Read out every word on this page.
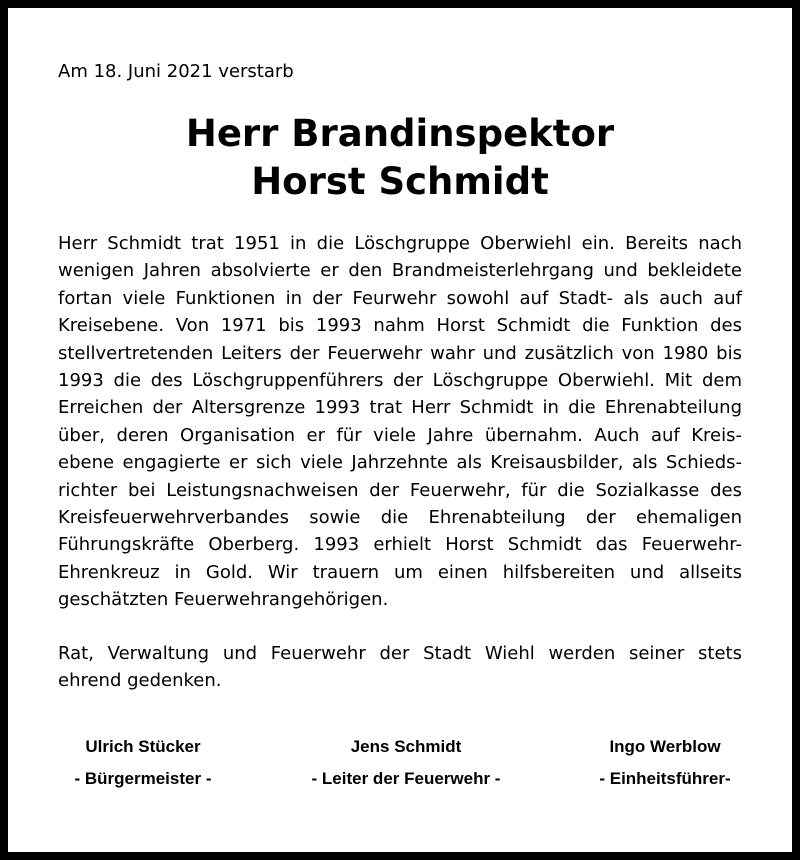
Am 18. Juni 2021 verstarb

Herr Brandinspektor
Horst Schmidt
Herr Schmidt trat 1951 in die Löschgruppe Oberwiehl ein. Bereits nach
wenigen Jahren absolvierte er den Brandmeisterlehrgang und bekleidete
fortan viele Funktionen in der Feurwehr sowohl auf Stadt- als auch auf
Kreisebene. Von 1971 bis 1993 nahm Horst Schmidt die Funktion des
stellvertretenden Leiters der Feuerwehr wahr und zusätzlich von 1980 bis
1993 die des Löschgruppenführers der Löschgruppe Oberwiehl. Mit dem
Erreichen der Altersgrenze 1993 trat Herr Schmidt in die Ehrenabteilung
über, deren Organisation er für viele Jahre übernahm. Auch auf Kreis-
ebene engagierte er sich viele Jahrzehnte als Kreisausbilder, als Schieds-
richter bei Leistungsnachweisen der Feuerwehr, für die Sozialkasse des
Kreisfeuerwehrverbandes sowie die Ehrenabteilung der ehemaligen
Führungskräfte Oberberg. 1993 erhielt Horst Schmidt das Feuerwehr-
Ehrenkreuz in Gold. Wir trauern um einen hilfsbereiten und allseits
geschätzten Feuerwehrangehörigen.
Rat, Verwaltung und Feuerwehr der Stadt Wiehl werden seiner stets
ehrend gedenken.
Ulrich Stücker
- Bürgermeister -
Jens Schmidt
- Leiter der Feuerwehr -
Ingo Werblow
- Einheitsführer-
